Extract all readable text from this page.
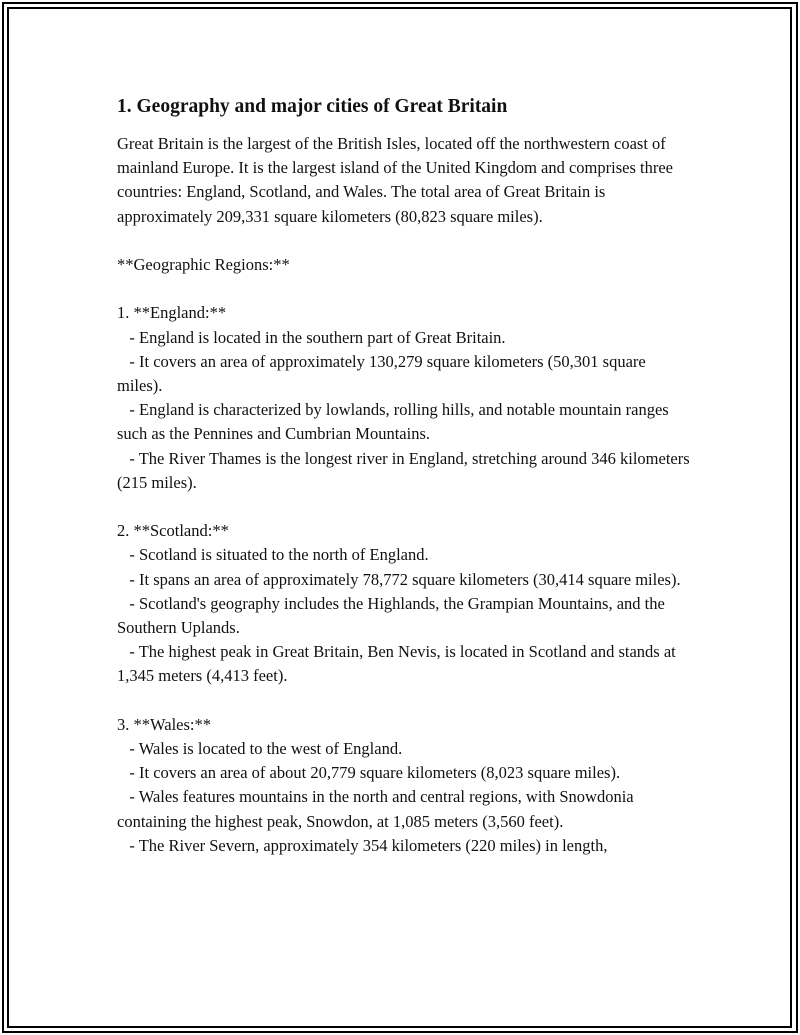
1. Geography and major cities of Great Britain

Great Britain is the largest of the British Isles, located off the northwestern coast of mainland Europe. It is the largest island of the United Kingdom and comprises three countries: England, Scotland, and Wales. The total area of Great Britain is approximately 209,331 square kilometers (80,823 square miles).

**Geographic Regions:**

1. **England:**

- England is located in the southern part of Great Britain.

- It covers an area of approximately 130,279 square kilometers (50,301 square miles).

- England is characterized by lowlands, rolling hills, and notable mountain ranges such as the Pennines and Cumbrian Mountains.

- The River Thames is the longest river in England, stretching around 346 kilometers (215 miles).

2. **Scotland:**

- Scotland is situated to the north of England.

- It spans an area of approximately 78,772 square kilometers (30,414 square miles).

- Scotland's geography includes the Highlands, the Grampian Mountains, and the Southern Uplands.

- The highest peak in Great Britain, Ben Nevis, is located in Scotland and stands at 1,345 meters (4,413 feet).

3. **Wales:**

- Wales is located to the west of England.

- It covers an area of about 20,779 square kilometers (8,023 square miles).

- Wales features mountains in the north and central regions, with Snowdonia containing the highest peak, Snowdon, at 1,085 meters (3,560 feet).

- The River Severn, approximately 354 kilometers (220 miles) in length,
